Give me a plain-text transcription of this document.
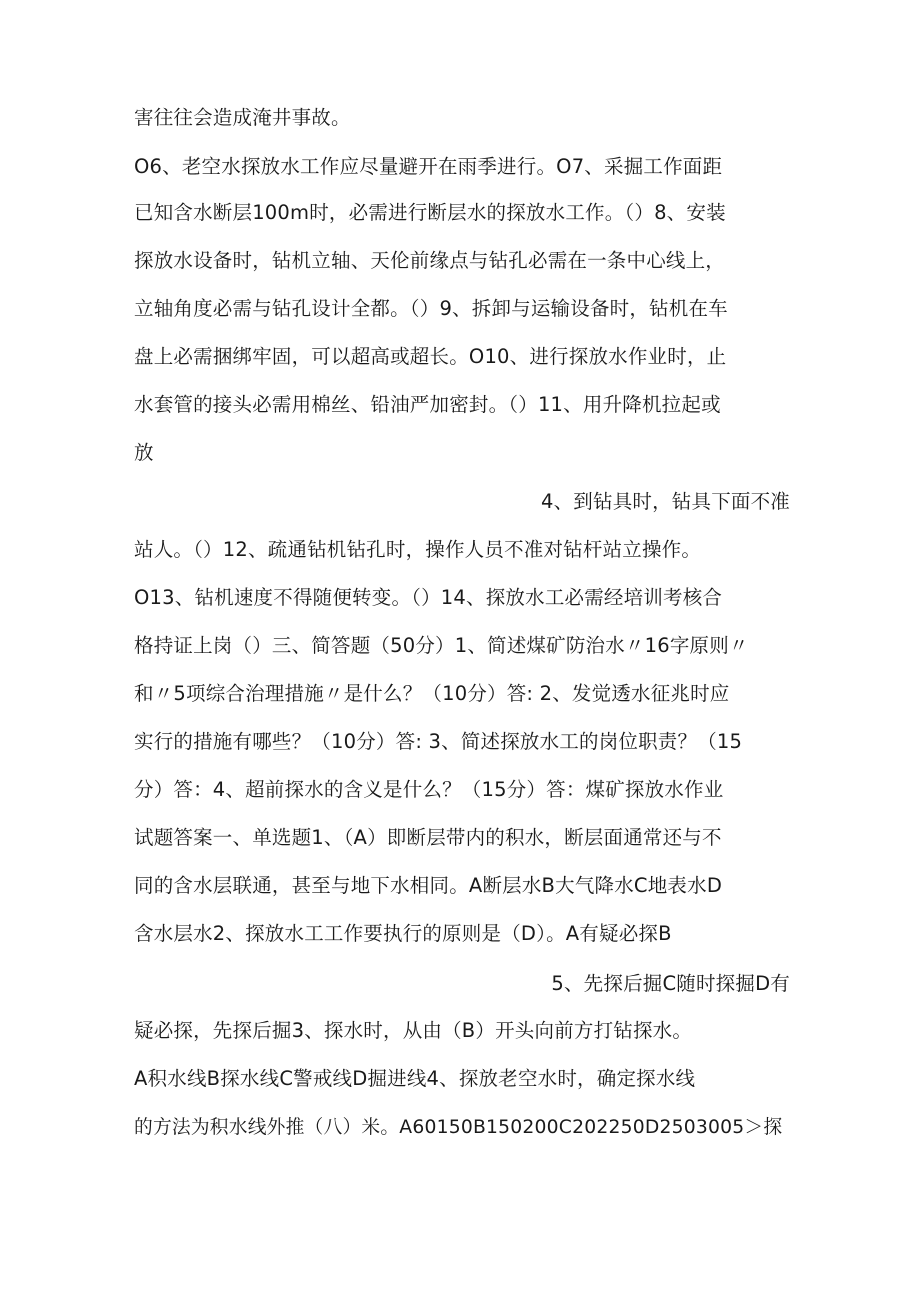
害往往会造成淹井事故。
O6、老空水探放水工作应尽量避开在雨季进行。O7、采掘工作面距
已知含水断层100m时，必需进行断层水的探放水工作。（）8、安装
探放水设备时，钻机立轴、天伦前缘点与钻孔必需在一条中心线上，
立轴角度必需与钻孔设计全都。（）9、拆卸与运输设备时，钻机在车
盘上必需捆绑牢固，可以超高或超长。O10、进行探放水作业时，止
水套管的接头必需用棉丝、铅油严加密封。（）11、用升降机拉起或
放
4、到钻具时，钻具下面不准
站人。（）12、疏通钻机钻孔时，操作人员不准对钻杆站立操作。
O13、钻机速度不得随便转变。（）14、探放水工必需经培训考核合
格持证上岗（）三、简答题（50分）1、简述煤矿防治水〃16字原则〃
和〃5项综合治理措施〃是什么？（10分）答: 2、发觉透水征兆时应
实行的措施有哪些？（10分）答: 3、简述探放水工的岗位职责？（15
分）答：4、超前探水的含义是什么？（15分）答：煤矿探放水作业
试题答案一、单选题1、（A）即断层带内的积水，断层面通常还与不
同的含水层联通，甚至与地下水相同。A断层水B大气降水C地表水D
含水层水2、探放水工工作要执行的原则是（D）。A有疑必探B
5、先探后掘C随时探掘D有
疑必探，先探后掘3、探水时，从由（B）开头向前方打钻探水。
A积水线B探水线C警戒线D掘进线4、探放老空水时，确定探水线
的方法为积水线外推（八）米。A60150B150200C202250D2503005＞探
